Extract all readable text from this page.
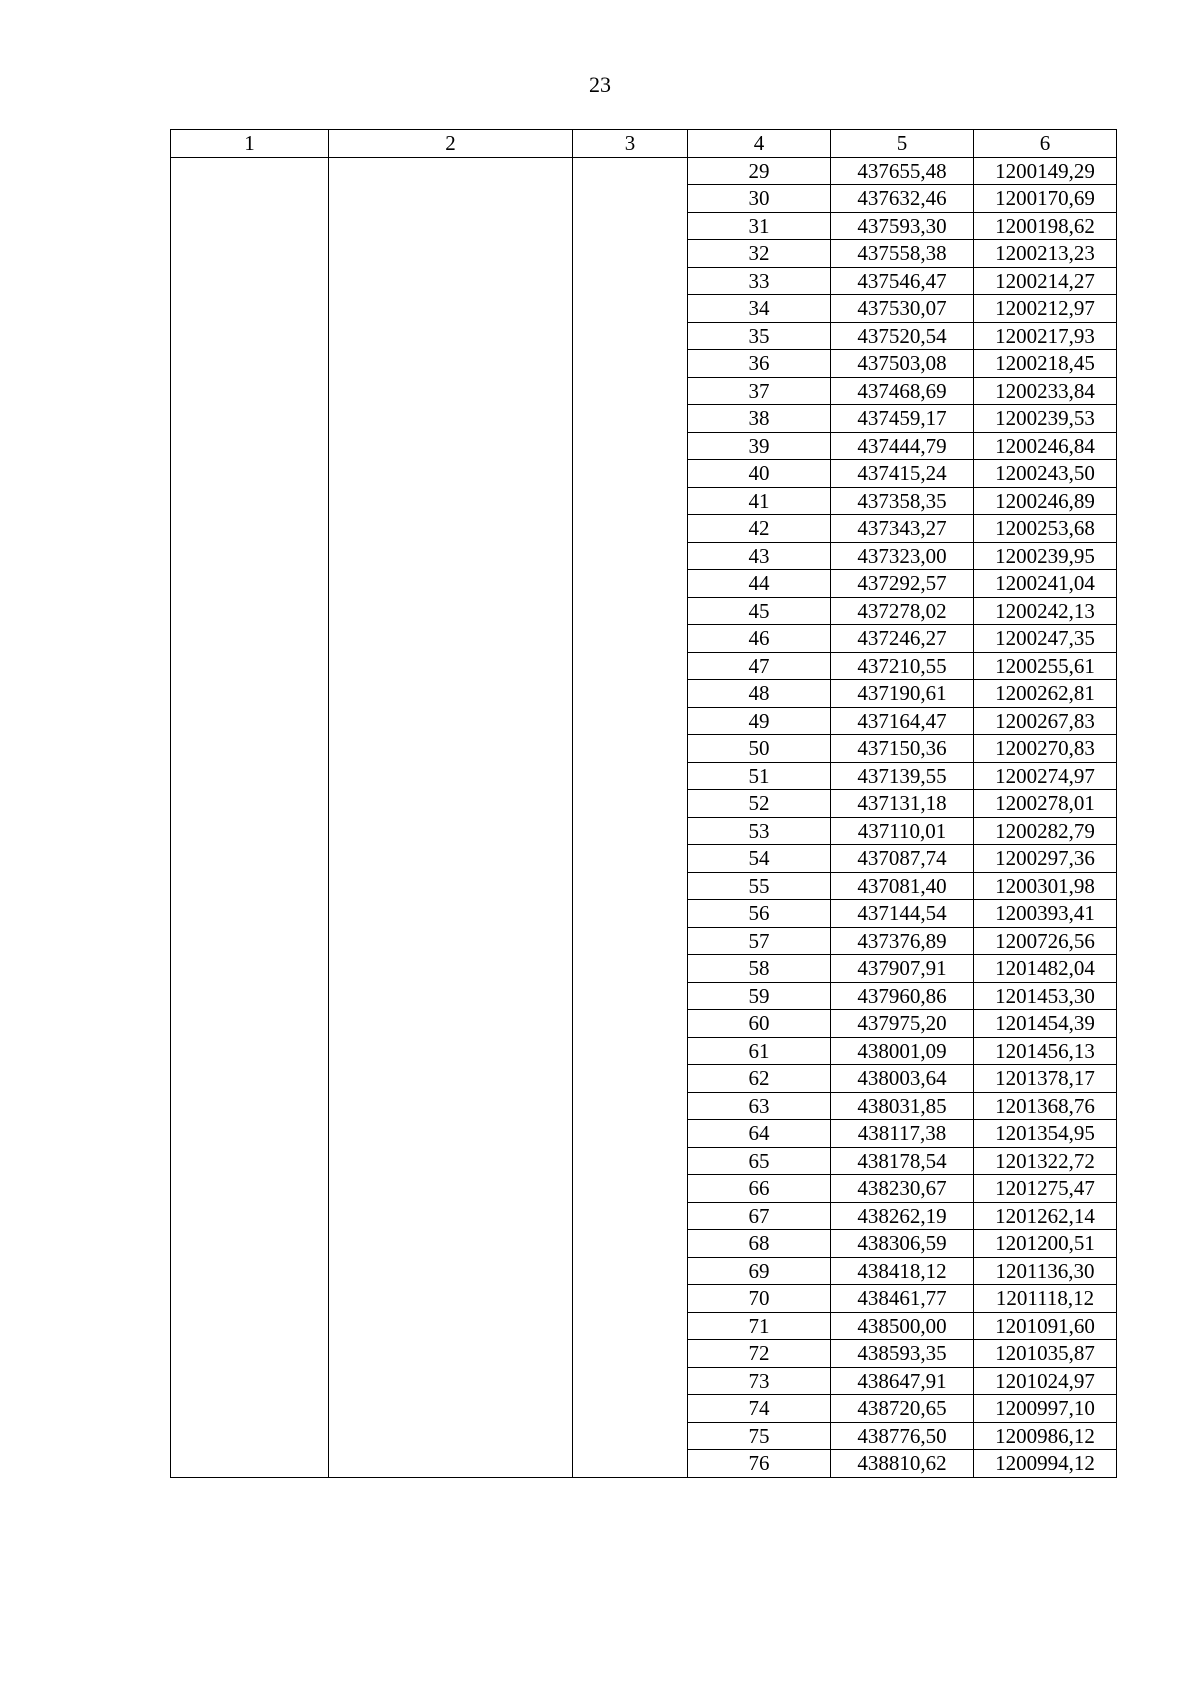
23
1	2	3	4	5	6
			29	437655,48	1200149,29
			30	437632,46	1200170,69
			31	437593,30	1200198,62
			32	437558,38	1200213,23
			33	437546,47	1200214,27
			34	437530,07	1200212,97
			35	437520,54	1200217,93
			36	437503,08	1200218,45
			37	437468,69	1200233,84
			38	437459,17	1200239,53
			39	437444,79	1200246,84
			40	437415,24	1200243,50
			41	437358,35	1200246,89
			42	437343,27	1200253,68
			43	437323,00	1200239,95
			44	437292,57	1200241,04
			45	437278,02	1200242,13
			46	437246,27	1200247,35
			47	437210,55	1200255,61
			48	437190,61	1200262,81
			49	437164,47	1200267,83
			50	437150,36	1200270,83
			51	437139,55	1200274,97
			52	437131,18	1200278,01
			53	437110,01	1200282,79
			54	437087,74	1200297,36
			55	437081,40	1200301,98
			56	437144,54	1200393,41
			57	437376,89	1200726,56
			58	437907,91	1201482,04
			59	437960,86	1201453,30
			60	437975,20	1201454,39
			61	438001,09	1201456,13
			62	438003,64	1201378,17
			63	438031,85	1201368,76
			64	438117,38	1201354,95
			65	438178,54	1201322,72
			66	438230,67	1201275,47
			67	438262,19	1201262,14
			68	438306,59	1201200,51
			69	438418,12	1201136,30
			70	438461,77	1201118,12
			71	438500,00	1201091,60
			72	438593,35	1201035,87
			73	438647,91	1201024,97
			74	438720,65	1200997,10
			75	438776,50	1200986,12
			76	438810,62	1200994,12
